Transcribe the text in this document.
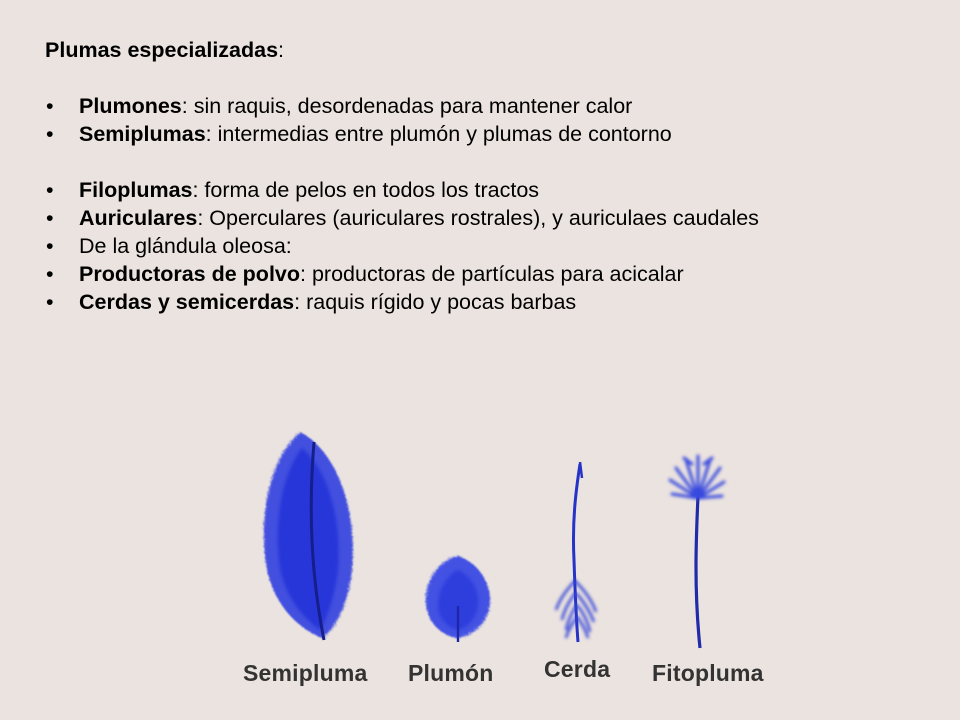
Plumas especializadas:

• Plumones: sin raquis, desordenadas para mantener calor
• Semiplumas: intermedias entre plumón y plumas de contorno
• Filoplumas: forma de pelos en todos los tractos
• Auriculares: Operculares (auriculares rostrales), y auriculaes caudales
• De la glándula oleosa:
• Productoras de polvo: productoras de partículas para acicalar
• Cerdas y semicerdas: raquis rígido y pocas barbas
Semipluma Plumón Cerda Fitopluma
